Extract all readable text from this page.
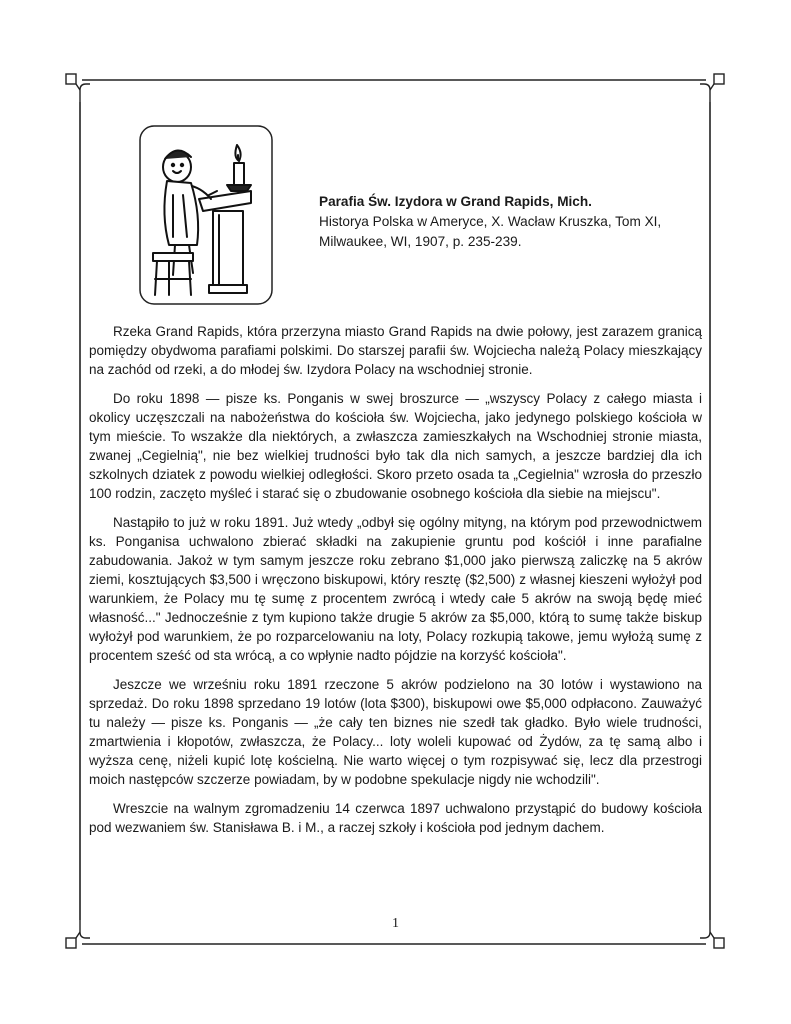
Parafia Św. Izydora w Grand Rapids, Mich.
Historya Polska w Ameryce, X. Wacław Kruszka, Tom XI,
Milwaukee, WI, 1907, p. 235-239.

Rzeka Grand Rapids, która przerzyna miasto Grand Rapids na dwie połowy, jest zarazem granicą pomiędzy obydwoma parafiami polskimi. Do starszej parafii św. Wojciecha należą Polacy mieszkający na zachód od rzeki, a do młodej św. Izydora Polacy na wschodniej stronie.

Do roku 1898 — pisze ks. Ponganis w swej broszurce — „wszyscy Polacy z całego miasta i okolicy uczęszczali na nabożeństwa do kościoła św. Wojciecha, jako jedynego polskiego kościoła w tym mieście. To wszakże dla niektórych, a zwłaszcza zamieszkałych na Wschodniej stronie miasta, zwanej „Cegielnią", nie bez wielkiej trudności było tak dla nich samych, a jeszcze bardziej dla ich szkolnych dziatek z powodu wielkiej odległości. Skoro przeto osada ta „Cegielnia" wzrosła do przeszło 100 rodzin, zaczęto myśleć i starać się o zbudowanie osobnego kościoła dla siebie na miejscu".

Nastąpiło to już w roku 1891. Już wtedy „odbył się ogólny mityng, na którym pod przewodnictwem ks. Ponganisa uchwalono zbierać składki na zakupienie gruntu pod kościół i inne parafialne zabudowania. Jakoż w tym samym jeszcze roku zebrano $1,000 jako pierwszą zaliczkę na 5 akrów ziemi, kosztujących $3,500 i wręczono biskupowi, który resztę ($2,500) z własnej kieszeni wyłożył pod warunkiem, że Polacy mu tę sumę z procentem zwrócą i wtedy całe 5 akrów na swoją będę mieć własność..." Jednocześnie z tym kupiono także drugie 5 akrów za $5,000, którą to sumę także biskup wyłożył pod warunkiem, że po rozparcelowaniu na loty, Polacy rozkupią takowe, jemu wyłożą sumę z procentem sześć od sta wrócą, a co wpłynie nadto pójdzie na korzyść kościoła".

Jeszcze we wrześniu roku 1891 rzeczone 5 akrów podzielono na 30 lotów i wystawiono na sprzedaż. Do roku 1898 sprzedano 19 lotów (lota $300), biskupowi owe $5,000 odpłacono. Zauważyć tu należy — pisze ks. Ponganis — „że cały ten biznes nie szedł tak gładko. Było wiele trudności, zmartwienia i kłopotów, zwłaszcza, że Polacy... loty woleli kupować od Żydów, za tę samą albo i wyższa cenę, niżeli kupić lotę kościelną. Nie warto więcej o tym rozpisywać się, lecz dla przestrogi moich następców szczerze powiadam, by w podobne spekulacje nigdy nie wchodzili".

Wreszcie na walnym zgromadzeniu 14 czerwca 1897 uchwalono przystąpić do budowy kościoła pod wezwaniem św. Stanisława B. i M., a raczej szkoły i kościoła pod jednym dachem.

1
